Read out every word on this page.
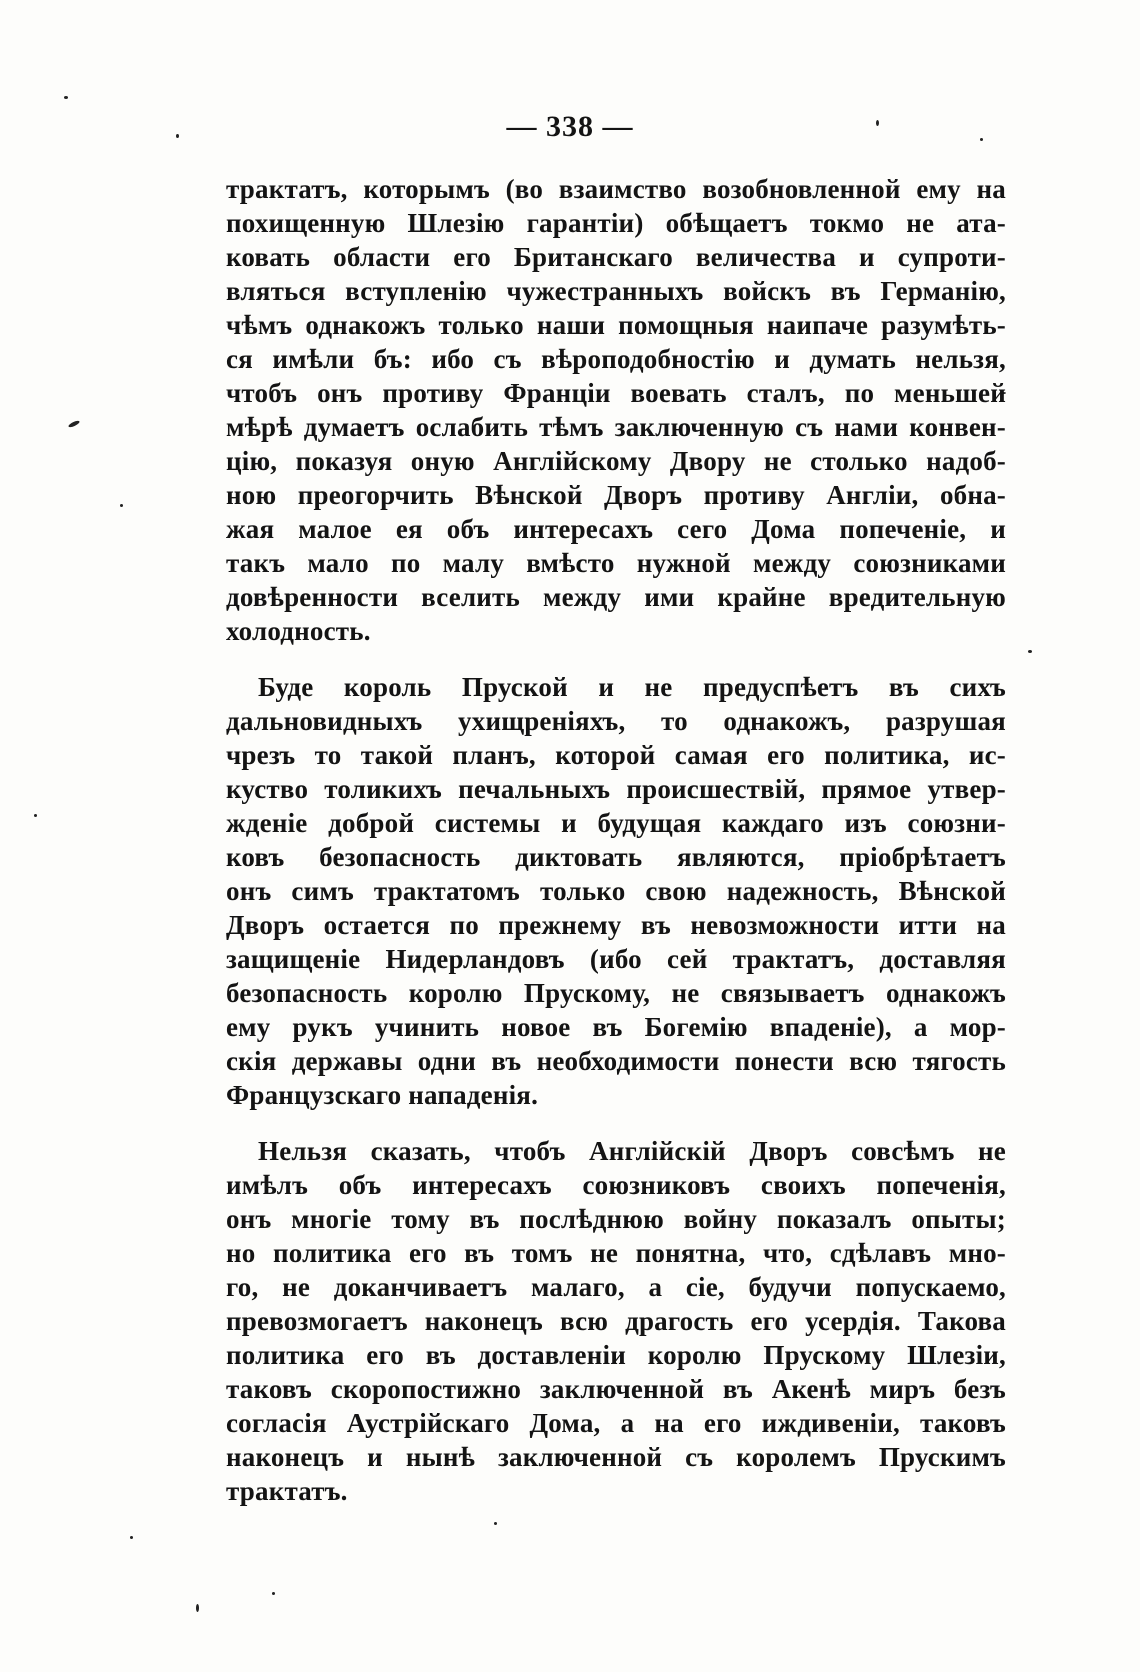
— 338 —
трактатъ, которымъ (во взаимство возобновленной ему на
похищенную Шлезію гарантіи) обѣщаетъ токмо не ата-
ковать области его Британскаго величества и супроти-
вляться вступленію чужестранныхъ войскъ въ Германію,
чѣмъ однакожъ только наши помощныя наипаче разумѣть-
ся имѣли бъ: ибо съ вѣроподобностію и думать нельзя,
чтобъ онъ противу Франціи воевать сталъ, по меньшей
мѣрѣ думаетъ ослабить тѣмъ заключенную съ нами конвен-
цію, показуя оную Англійскому Двору не столько надоб-
ною преогорчить Вѣнской Дворъ противу Англіи, обна-
жая малое ея объ интересахъ сего Дома попеченіе, и
такъ мало по малу вмѣсто нужной между союзниками
довѣренности вселить между ими крайне вредительную
холодность.
Буде король Пруской и не предуспѣетъ въ сихъ
дальновидныхъ ухищреніяхъ, то однакожъ, разрушая
чрезъ то такой планъ, которой самая его политика, ис-
куство толикихъ печальныхъ происшествій, прямое утвер-
жденіе доброй системы и будущая каждаго изъ союзни-
ковъ безопасность диктовать являются, пріобрѣтаетъ
онъ симъ трактатомъ только свою надежность, Вѣнской
Дворъ остается по прежнему въ невозможности итти на
защищеніе Нидерландовъ (ибо сей трактатъ, доставляя
безопасность королю Прускому, не связываетъ однакожъ
ему рукъ учинить новое въ Богемію впаденіе), а мор-
скія державы одни въ необходимости понести всю тягость
Французскаго нападенія.
Нельзя сказать, чтобъ Англійскій Дворъ совсѣмъ не
имѣлъ объ интересахъ союзниковъ своихъ попеченія,
онъ многіе тому въ послѣднюю войну показалъ опыты;
но политика его въ томъ не понятна, что, сдѣлавъ мно-
го, не доканчиваетъ малаго, а сіе, будучи попускаемо,
превозмогаетъ наконецъ всю драгость его усердія. Такова
политика его въ доставленіи королю Прускому Шлезіи,
таковъ скоропостижно заключенной въ Акенѣ миръ безъ
согласія Аустрійскаго Дома, а на его иждивеніи, таковъ
наконецъ и нынѣ заключенной съ королемъ Прускимъ
трактатъ.
